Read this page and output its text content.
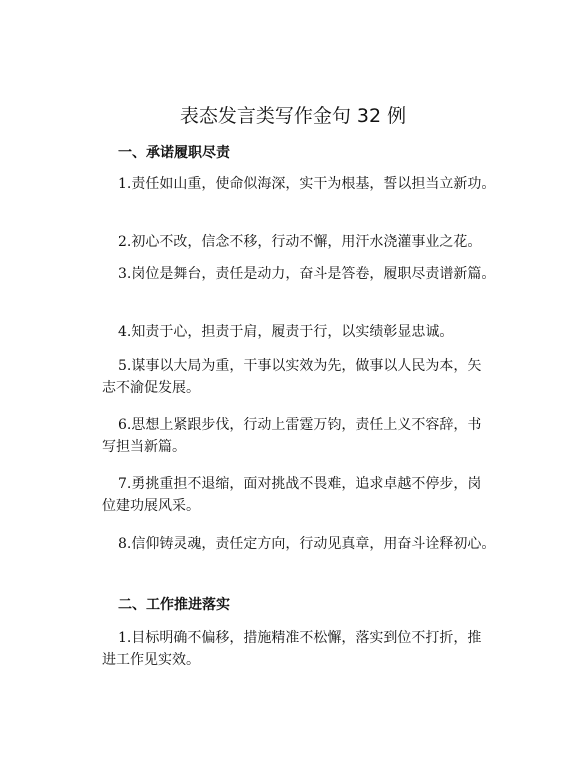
表态发言类写作金句 32 例
一、承诺履职尽责
1.责任如山重，使命似海深，实干为根基，誓以担当立新功。
2.初心不改，信念不移，行动不懈，用汗水浇灌事业之花。
3.岗位是舞台，责任是动力，奋斗是答卷，履职尽责谱新篇。
4.知责于心，担责于肩，履责于行，以实绩彰显忠诚。
5.谋事以大局为重，干事以实效为先，做事以人民为本，矢
志不渝促发展。
6.思想上紧跟步伐，行动上雷霆万钧，责任上义不容辞，书
写担当新篇。
7.勇挑重担不退缩，面对挑战不畏难，追求卓越不停步，岗
位建功展风采。
8.信仰铸灵魂，责任定方向，行动见真章，用奋斗诠释初心。
二、工作推进落实
1.目标明确不偏移，措施精准不松懈，落实到位不打折，推
进工作见实效。
